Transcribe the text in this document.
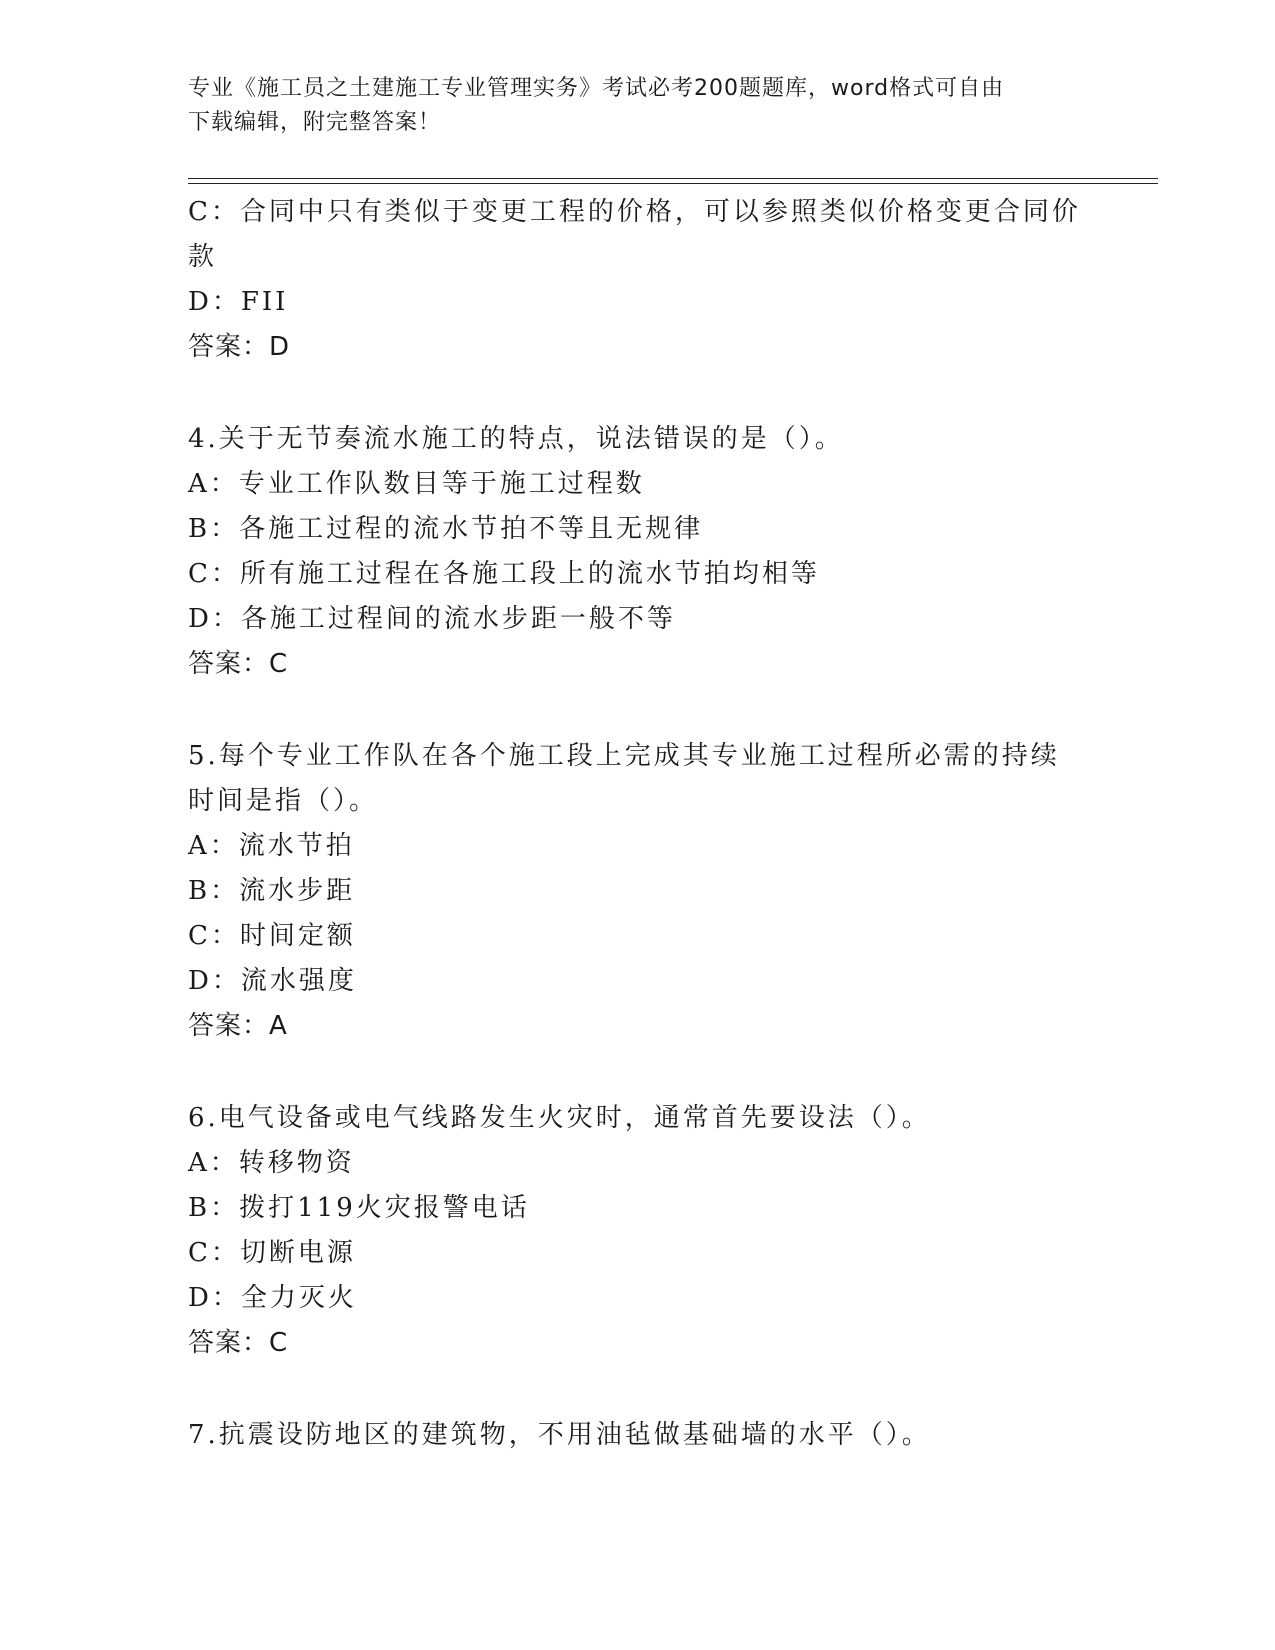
专业《施工员之土建施工专业管理实务》考试必考200题题库，word格式可自由
下载编辑，附完整答案！
C：合同中只有类似于变更工程的价格，可以参照类似价格变更合同价
款
D：FII
答案：D
4.关于无节奏流水施工的特点，说法错误的是（）。
A：专业工作队数目等于施工过程数
B：各施工过程的流水节拍不等且无规律
C：所有施工过程在各施工段上的流水节拍均相等
D：各施工过程间的流水步距一般不等
答案：C
5.每个专业工作队在各个施工段上完成其专业施工过程所必需的持续
时间是指（）。
A：流水节拍
B：流水步距
C：时间定额
D：流水强度
答案：A
6.电气设备或电气线路发生火灾时，通常首先要设法（）。
A：转移物资
B：拨打119火灾报警电话
C：切断电源
D：全力灭火
答案：C
7.抗震设防地区的建筑物，不用油毡做基础墙的水平（）。
